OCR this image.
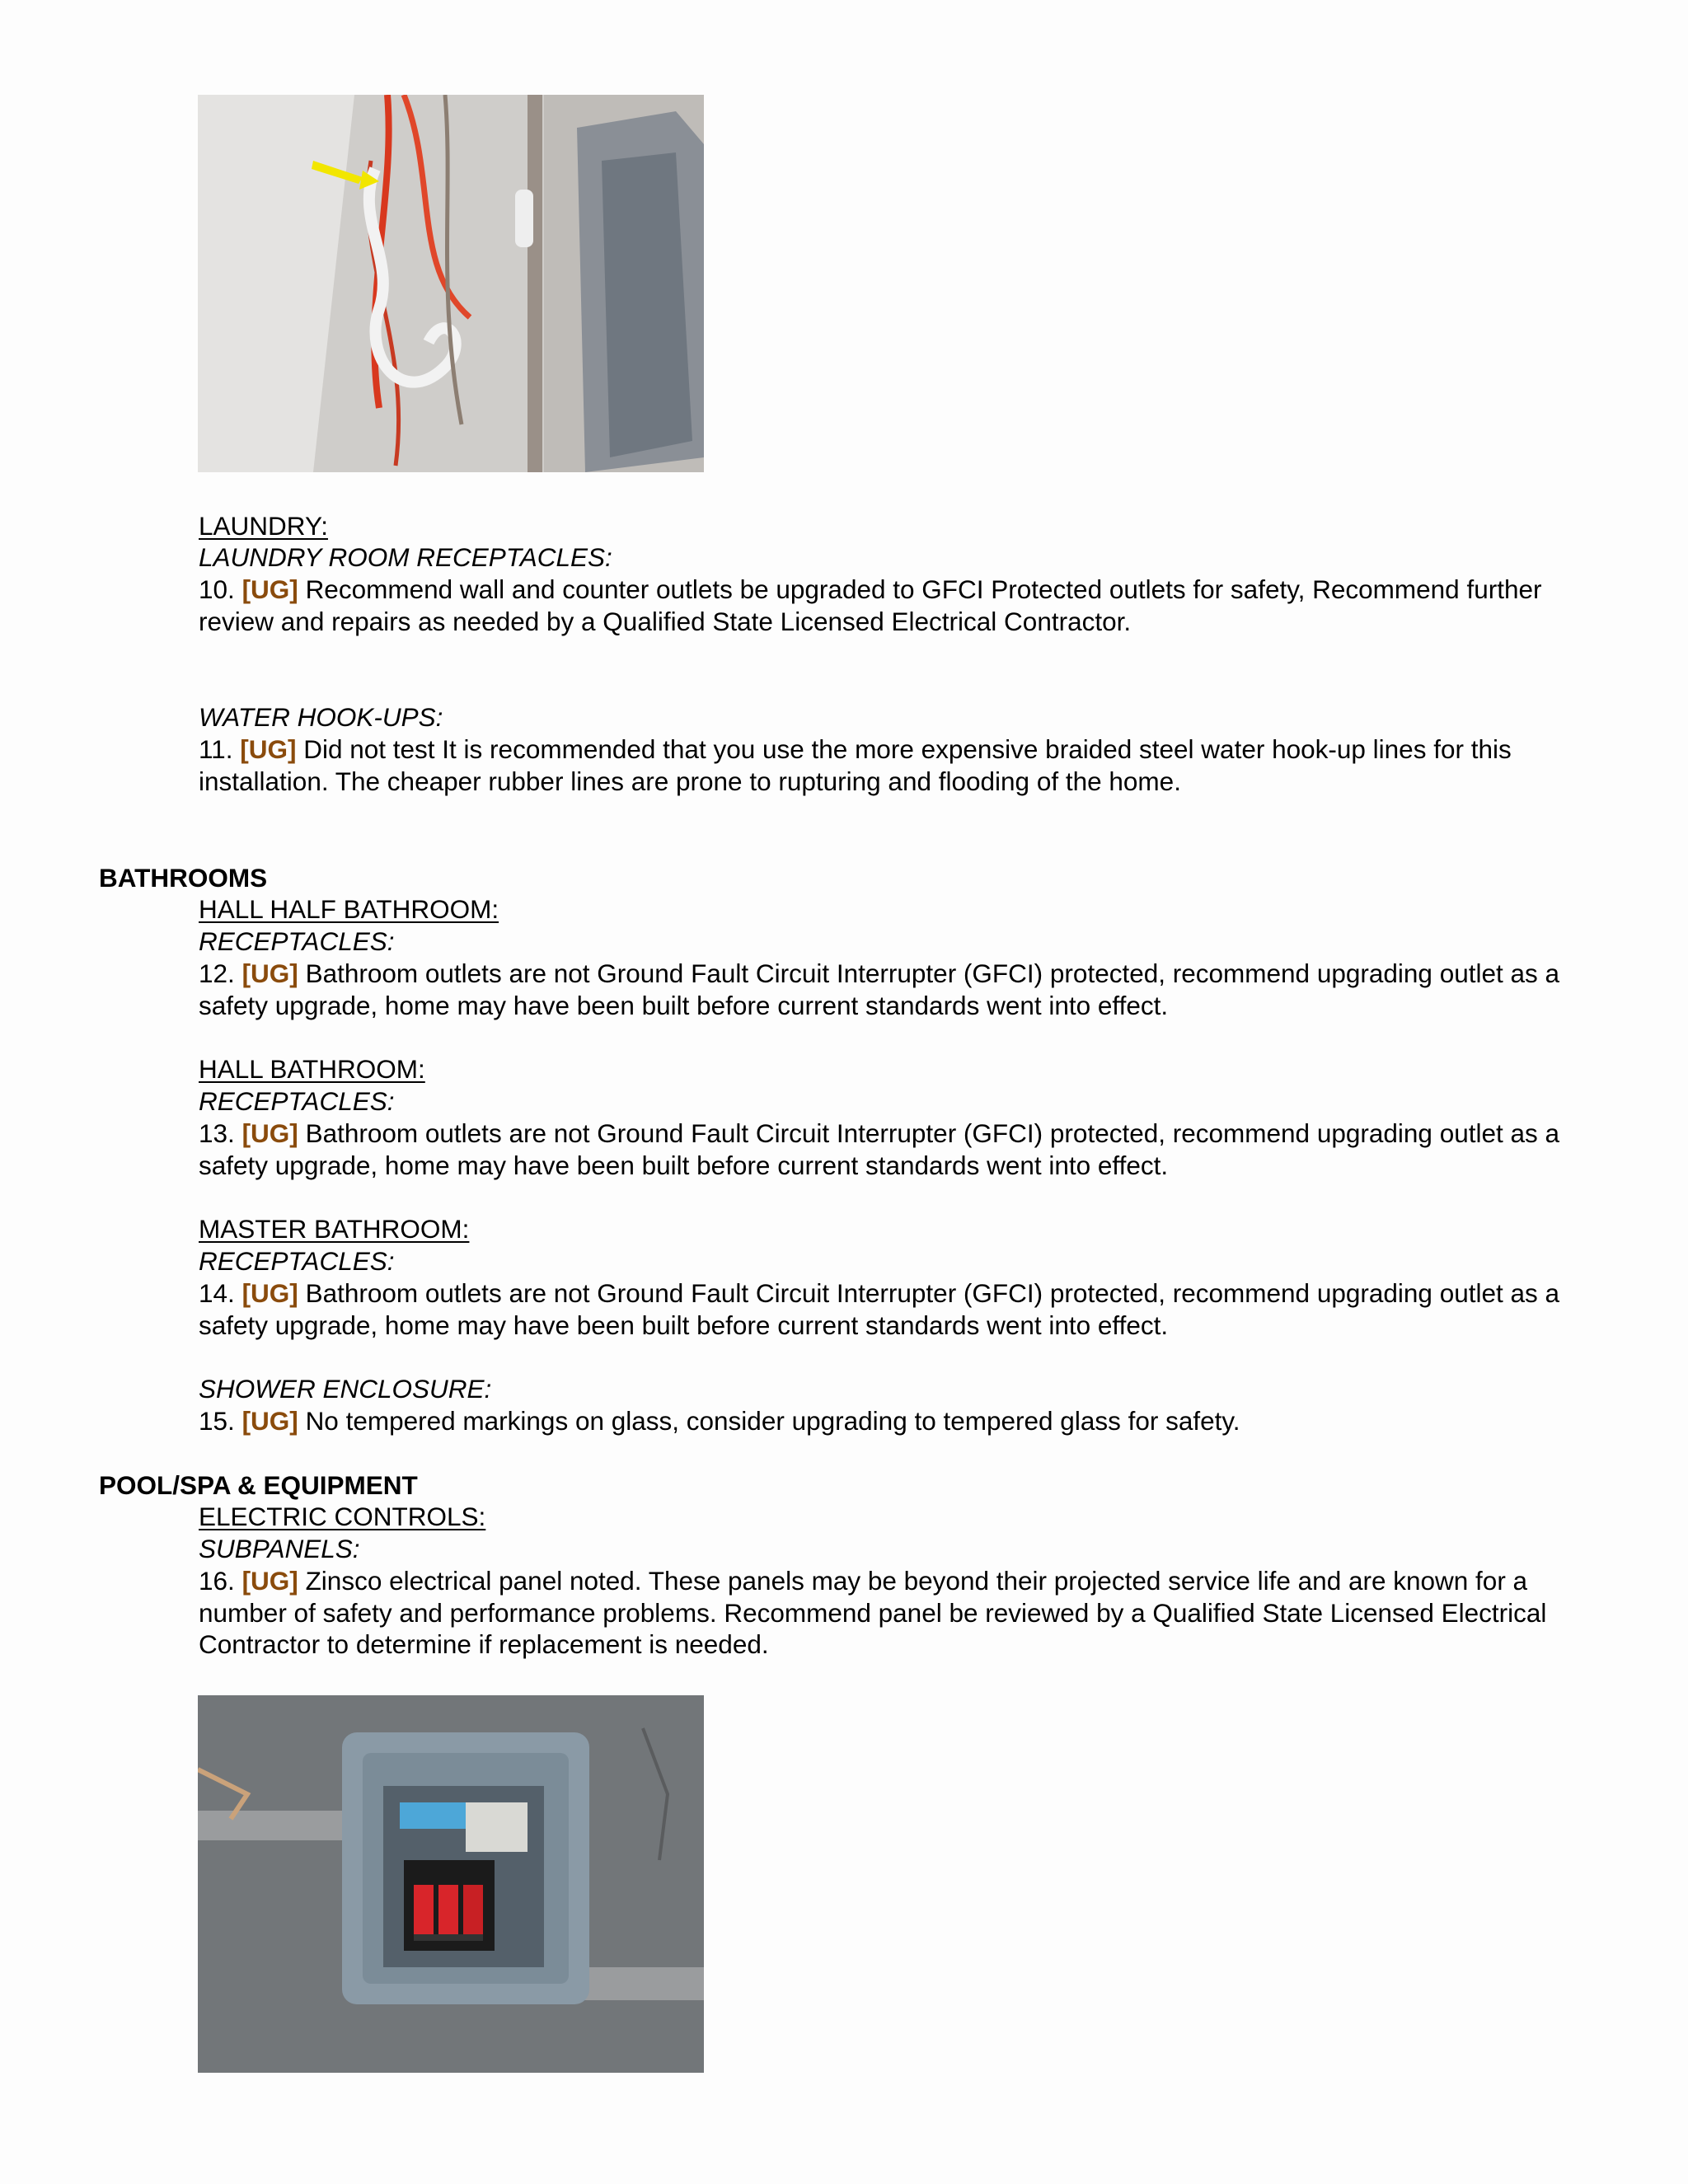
LAUNDRY:

LAUNDRY ROOM RECEPTACLES:

10. [UG] Recommend wall and counter outlets be upgraded to GFCI Protected outlets for safety, Recommend further review and repairs as needed by a Qualified State Licensed Electrical Contractor.

WATER HOOK-UPS:

11. [UG] Did not test It is recommended that you use the more expensive braided steel water hook-up lines for this installation. The cheaper rubber lines are prone to rupturing and flooding of the home.

BATHROOMS

HALL HALF BATHROOM:

RECEPTACLES:

12. [UG] Bathroom outlets are not Ground Fault Circuit Interrupter (GFCI) protected, recommend upgrading outlet as a safety upgrade, home may have been built before current standards went into effect.

HALL BATHROOM:

RECEPTACLES:

13. [UG] Bathroom outlets are not Ground Fault Circuit Interrupter (GFCI) protected, recommend upgrading outlet as a safety upgrade, home may have been built before current standards went into effect.

MASTER BATHROOM:

RECEPTACLES:

14. [UG] Bathroom outlets are not Ground Fault Circuit Interrupter (GFCI) protected, recommend upgrading outlet as a safety upgrade, home may have been built before current standards went into effect.

SHOWER ENCLOSURE:

15. [UG] No tempered markings on glass, consider upgrading to tempered glass for safety.

POOL/SPA & EQUIPMENT

ELECTRIC CONTROLS:

SUBPANELS:

16. [UG] Zinsco electrical panel noted. These panels may be beyond their projected service life and are known for a number of safety and performance problems. Recommend panel be reviewed by a Qualified State Licensed Electrical Contractor to determine if replacement is needed.
